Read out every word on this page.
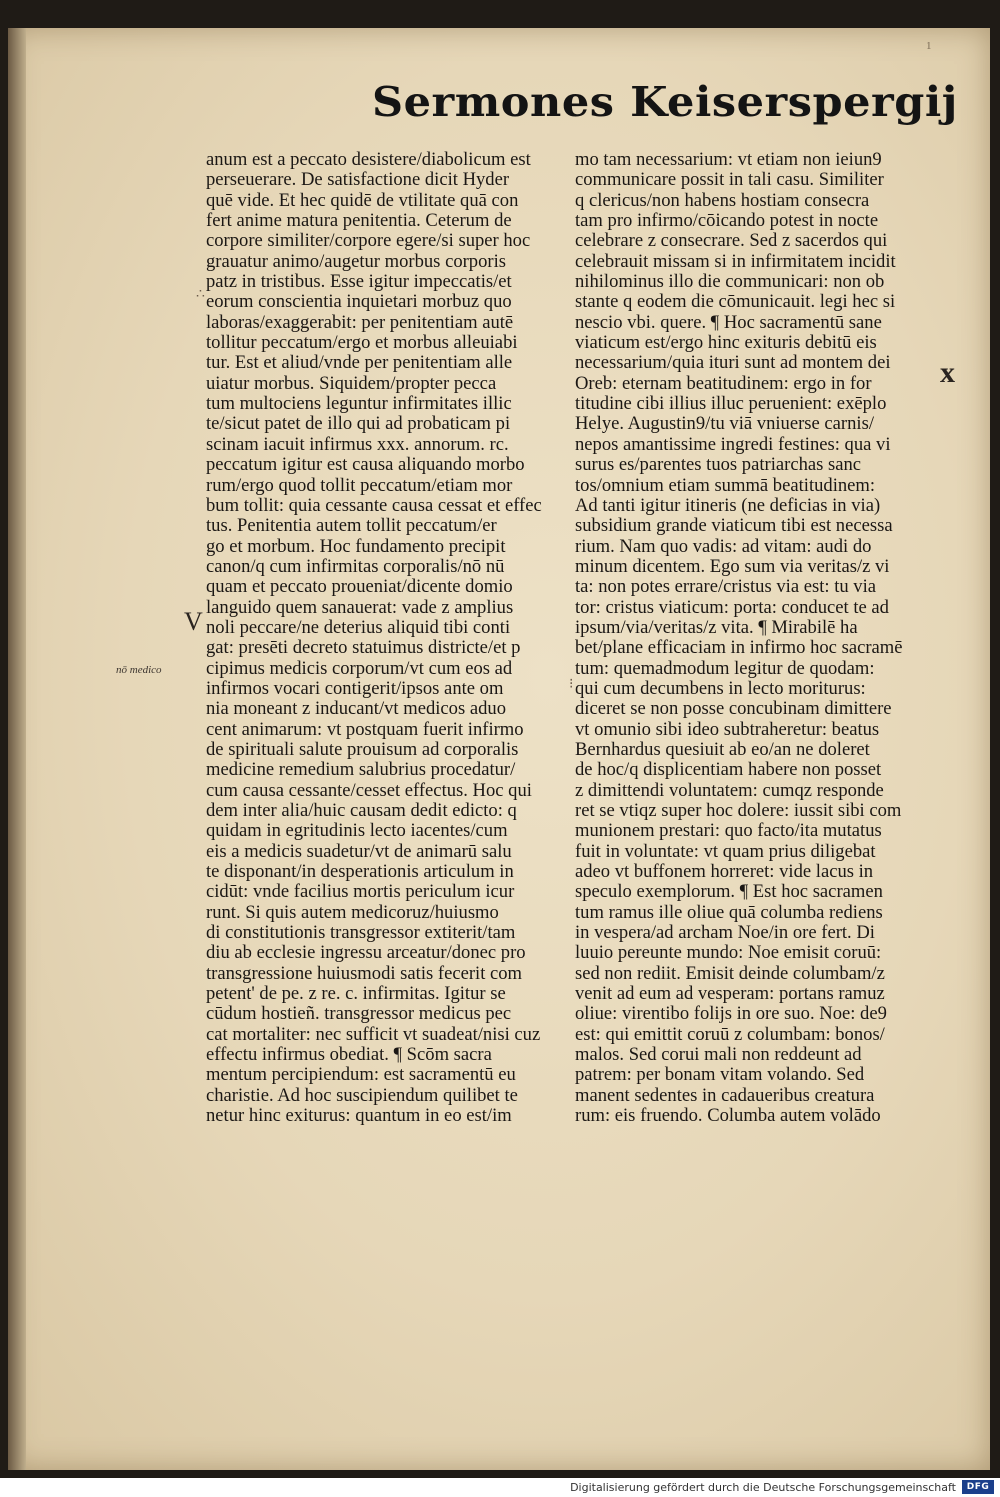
Sermones Keiserspergij
1
anum est a peccato desistere/diabolicum est
perseuerare. De satisfactione dicit Hyder
quē vide. Et hec quidē de vtilitate quā con
fert anime matura penitentia. Ceterum de
corpore similiter/corpore egere/si super hoc
grauatur animo/augetur morbus corporis
patz in tristibus. Esse igitur impeccatis/et
eorum conscientia inquietari morbuz quo
laboras/exaggerabit: per penitentiam autē
tollitur peccatum/ergo et morbus alleuiabi
tur. Est et aliud/vnde per penitentiam alle
uiatur morbus. Siquidem/propter pecca
tum multociens leguntur infirmitates illic
te/sicut patet de illo qui ad probaticam pi
scinam iacuit infirmus xxx. annorum. rc.
peccatum igitur est causa aliquando morbo
rum/ergo quod tollit peccatum/etiam mor
bum tollit: quia cessante causa cessat et effec
tus. Penitentia autem tollit peccatum/er
go et morbum. Hoc fundamento precipit
canon/q cum infirmitas corporalis/nō nū
quam et peccato proueniat/dicente domio
languido quem sanauerat: vade z amplius
noli peccare/ne deterius aliquid tibi conti
gat: presēti decreto statuimus districte/et p
cipimus medicis corporum/vt cum eos ad
infirmos vocari contigerit/ipsos ante om
nia moneant z inducant/vt medicos aduo
cent animarum: vt postquam fuerit infirmo
de spirituali salute prouisum ad corporalis
medicine remedium salubrius procedatur/
cum causa cessante/cesset effectus. Hoc qui
dem inter alia/huic causam dedit edicto: q
quidam in egritudinis lecto iacentes/cum
eis a medicis suadetur/vt de animarū salu
te disponant/in desperationis articulum in
cidūt: vnde facilius mortis periculum icur
runt. Si quis autem medicoruz/huiusmo
di constitutionis transgressor extiterit/tam
diu ab ecclesie ingressu arceatur/donec pro
transgressione huiusmodi satis fecerit com
petent' de pe. z re. c. infirmitas. Igitur se
cūdum hostieñ. transgressor medicus pec
cat mortaliter: nec sufficit vt suadeat/nisi cuz
effectu infirmus obediat. ¶ Scōm sacra
mentum percipiendum: est sacramentū eu
charistie. Ad hoc suscipiendum quilibet te
netur hinc exiturus: quantum in eo est/im
mo tam necessarium: vt etiam non ieiun9
communicare possit in tali casu. Similiter
q clericus/non habens hostiam consecra
tam pro infirmo/cōicando potest in nocte
celebrare z consecrare. Sed z sacerdos qui
celebrauit missam si in infirmitatem incidit
nihilominus illo die communicari: non ob
stante q eodem die cōmunicauit. legi hec si
nescio vbi. quere. ¶ Hoc sacramentū sane
viaticum est/ergo hinc exituris debitū eis
necessarium/quia ituri sunt ad montem dei
Oreb: eternam beatitudinem: ergo in for
titudine cibi illius illuc peruenient: exēplo
Helye. Augustin9/tu viā vniuerse carnis/
nepos amantissime ingredi festines: qua vi
surus es/parentes tuos patriarchas sanc
tos/omnium etiam summā beatitudinem:
Ad tanti igitur itineris (ne deficias in via)
subsidium grande viaticum tibi est necessa
rium. Nam quo vadis: ad vitam: audi do
minum dicentem. Ego sum via veritas/z vi
ta: non potes errare/cristus via est: tu via
tor: cristus viaticum: porta: conducet te ad
ipsum/via/veritas/z vita. ¶ Mirabilē ha
bet/plane efficaciam in infirmo hoc sacramē
tum: quemadmodum legitur de quodam:
qui cum decumbens in lecto moriturus:
diceret se non posse concubinam dimittere
vt omunio sibi ideo subtraheretur: beatus
Bernhardus quesiuit ab eo/an ne doleret
de hoc/q displicentiam habere non posset
z dimittendi voluntatem: cumqz responde
ret se vtiqz super hoc dolere: iussit sibi com
munionem prestari: quo facto/ita mutatus
fuit in voluntate: vt quam prius diligebat
adeo vt buffonem horreret: vide lacus in
speculo exemplorum. ¶ Est hoc sacramen
tum ramus ille oliue quā columba rediens
in vespera/ad archam Noe/in ore fert. Di
luuio pereunte mundo: Noe emisit coruū:
sed non rediit. Emisit deinde columbam/z
venit ad eum ad vesperam: portans ramuz
oliue: virentibo folijs in ore suo. Noe: de9
est: qui emittit coruū z columbam: bonos/
malos. Sed corui mali non reddeunt ad
patrem: per bonam vitam volando. Sed
manent sedentes in cadaueribus creatura
rum: eis fruendo. Columba autem volādo
x
V
∴
⁝
nō medico
Digitalisierung gefördert durch die Deutsche Forschungsgemeinschaft	DFG
